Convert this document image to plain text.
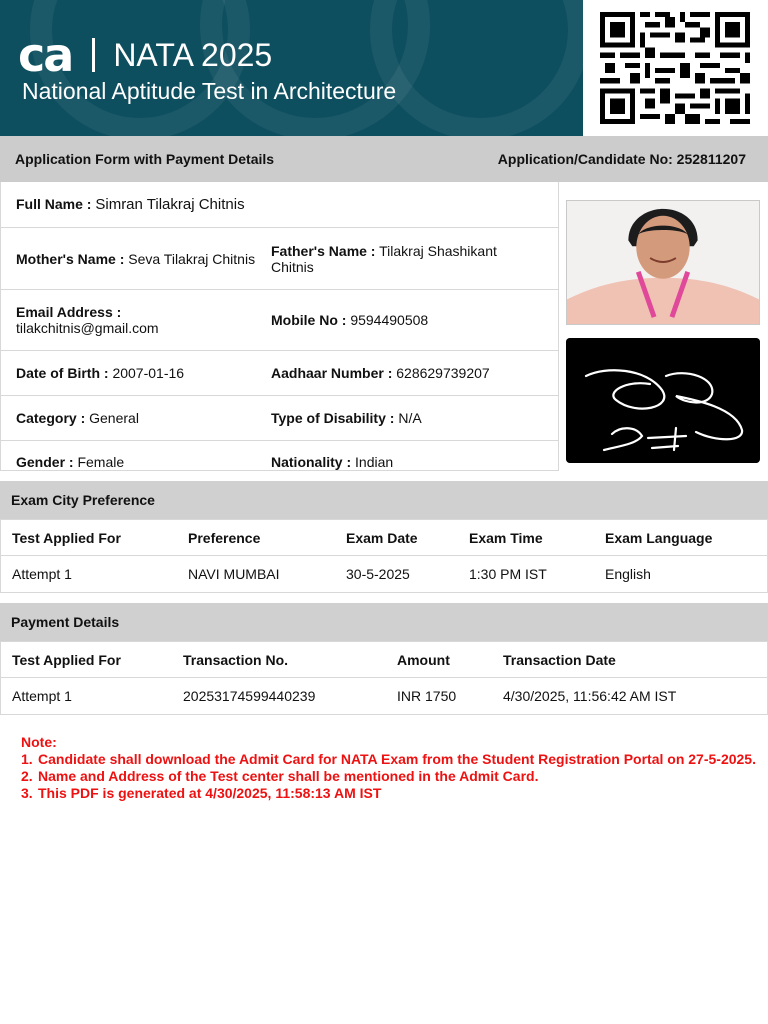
ca NATA 2025
National Aptitude Test in Architecture
Application Form with Payment Details	Application/Candidate No: 252811207
Full Name : Simran Tilakraj Chitnis
Mother's Name : Seva Tilakraj Chitnis	Father's Name : Tilakraj Shashikant Chitnis
Email Address :
tilakchitnis@gmail.com	Mobile No : 9594490508
Date of Birth : 2007-01-16	Aadhaar Number : 628629739207
Category : General	Type of Disability : N/A
Gender : Female	Nationality : Indian
Exam City Preference
Test Applied For	Preference	Exam Date	Exam Time	Exam Language
Attempt 1	NAVI MUMBAI	30-5-2025	1:30 PM IST	English
Payment Details
Test Applied For	Transaction No.	Amount	Transaction Date
Attempt 1	20253174599440239	INR 1750	4/30/2025, 11:56:42 AM IST
Note:
1. Candidate shall download the Admit Card for NATA Exam from the Student Registration Portal on 27-5-2025.
2. Name and Address of the Test center shall be mentioned in the Admit Card.
3. This PDF is generated at 4/30/2025, 11:58:13 AM IST
